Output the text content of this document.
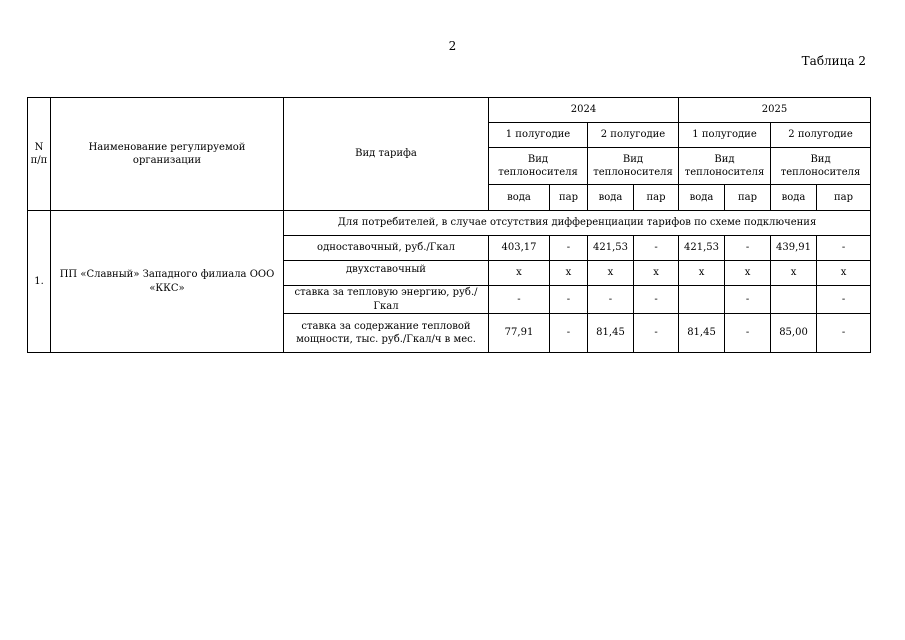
2
Таблица 2
N п/п	Наименование регулируемой организации	Вид тарифа	2024				2025			
			1 полугодие		2 полугодие		1 полугодие		2 полугодие	
			Вид теплоносителя		Вид теплоносителя		Вид теплоносителя		Вид теплоносителя	
			вода	пар	вода	пар	вода	пар	вода	пар
1.	ПП «Славный» Западного филиала ООО «ККС»	Для потребителей, в случае отсутствия дифференциации тарифов по схеме подключения								
		одноставочный, руб./Гкал	403,17	-	421,53	-	421,53	-	439,91	-
		двухставочный	x	x	x	x	x	x	x	x
		ставка за тепловую энергию, руб./Гкал	-	-	-	-		-		-
		ставка за содержание тепловой мощности, тыс. руб./Гкал/ч в мес.	77,91	-	81,45	-	81,45	-	85,00	-
